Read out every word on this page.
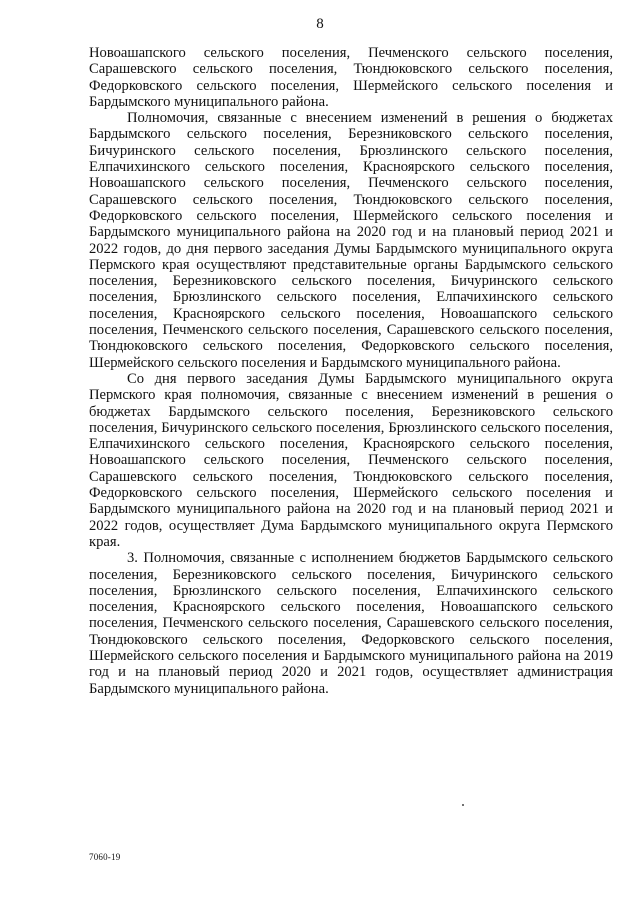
8

Новоашапского сельского поселения, Печменского сельского поселения, Сарашевского сельского поселения, Тюндюковского сельского поселения, Федорковского сельского поселения, Шермейского сельского поселения и Бардымского муниципального района.

Полномочия, связанные с внесением изменений в решения о бюджетах Бардымского сельского поселения, Березниковского сельского поселения, Бичуринского сельского поселения, Брюзлинского сельского поселения, Елпачихинского сельского поселения, Красноярского сельского поселения, Новоашапского сельского поселения, Печменского сельского поселения, Сарашевского сельского поселения, Тюндюковского сельского поселения, Федорковского сельского поселения, Шермейского сельского поселения и Бардымского муниципального района на 2020 год и на плановый период 2021 и 2022 годов, до дня первого заседания Думы Бардымского муниципального округа Пермского края осуществляют представительные органы Бардымского сельского поселения, Березниковского сельского поселения, Бичуринского сельского поселения, Брюзлинского сельского поселения, Елпачихинского сельского поселения, Красноярского сельского поселения, Новоашапского сельского поселения, Печменского сельского поселения, Сарашевского сельского поселения, Тюндюковского сельского поселения, Федорковского сельского поселения, Шермейского сельского поселения и Бардымского муниципального района.

Со дня первого заседания Думы Бардымского муниципального округа Пермского края полномочия, связанные с внесением изменений в решения о бюджетах Бардымского сельского поселения, Березниковского сельского поселения, Бичуринского сельского поселения, Брюзлинского сельского поселения, Елпачихинского сельского поселения, Красноярского сельского поселения, Новоашапского сельского поселения, Печменского сельского поселения, Сарашевского сельского поселения, Тюндюковского сельского поселения, Федорковского сельского поселения, Шермейского сельского поселения и Бардымского муниципального района на 2020 год и на плановый период 2021 и 2022 годов, осуществляет Дума Бардымского муниципального округа Пермского края.

3. Полномочия, связанные с исполнением бюджетов Бардымского сельского поселения, Березниковского сельского поселения, Бичуринского сельского поселения, Брюзлинского сельского поселения, Елпачихинского сельского поселения, Красноярского сельского поселения, Новоашапского сельского поселения, Печменского сельского поселения, Сарашевского сельского поселения, Тюндюковского сельского поселения, Федорковского сельского поселения, Шермейского сельского поселения и Бардымского муниципального района на 2019 год и на плановый период 2020 и 2021 годов, осуществляет администрация Бардымского муниципального района.

7060-19
